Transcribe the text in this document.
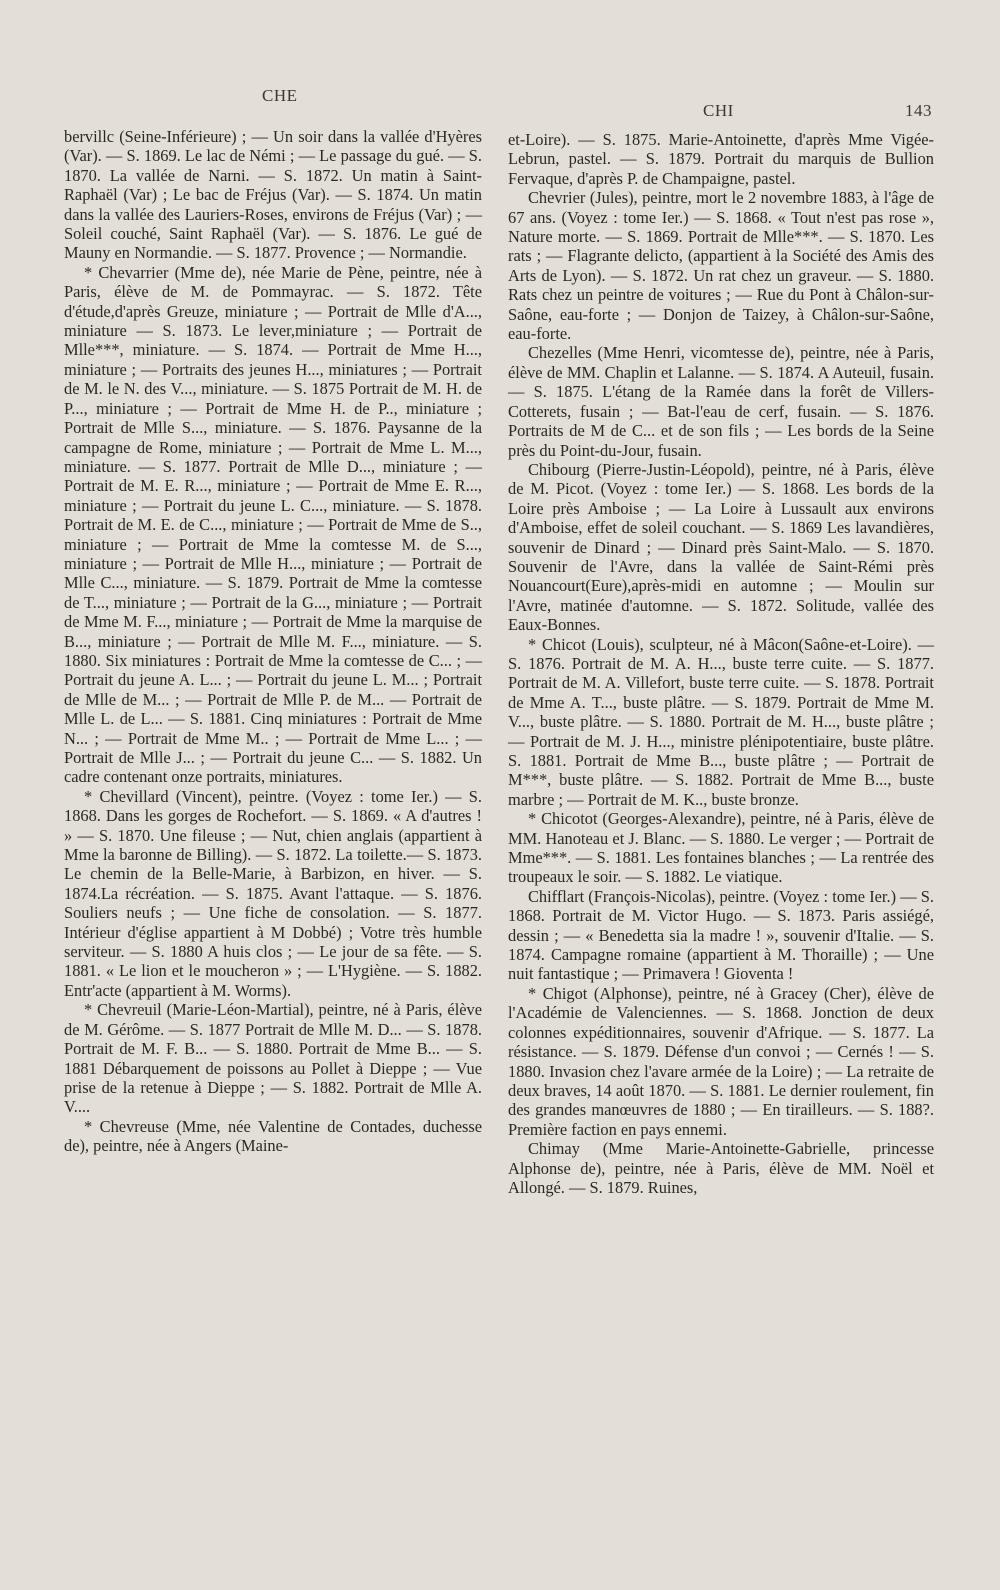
CHE
CHI	143

bervillc (Seine-Inférieure) ; — Un soir dans la vallée d'Hyères (Var). — S. 1869. Le lac de Némi ; — Le passage du gué. — S. 1870. La vallée de Narni. — S. 1872. Un matin à Saint-Raphaël (Var) ; Le bac de Fréjus (Var). — S. 1874. Un matin dans la vallée des Lauriers-Roses, environs de Fréjus (Var) ; — Soleil couché, Saint Raphaël (Var). — S. 1876. Le gué de Mauny en Normandie. — S. 1877. Provence ; — Normandie.

* Chevarrier (Mme de), née Marie de Pène, peintre, née à Paris, élève de M. de Pommayrac. — S. 1872. Tête d'étude,d'après Greuze, miniature ; — Portrait de Mlle d'A..., miniature — S. 1873. Le lever,miniature ; — Portrait de Mlle***, miniature. — S. 1874. — Portrait de Mme H..., miniature ; — Portraits des jeunes H..., miniatures ; — Portrait de M. le N. des V..., miniature. — S. 1875 Portrait de M. H. de P..., miniature ; — Portrait de Mme H. de P.., miniature ; Portrait de Mlle S..., miniature. — S. 1876. Paysanne de la campagne de Rome, miniature ; — Portrait de Mme L. M..., miniature. — S. 1877. Portrait de Mlle D..., miniature ; — Portrait de M. E. R..., miniature ; — Portrait de Mme E. R..., miniature ; — Portrait du jeune L. C..., miniature. — S. 1878. Portrait de M. E. de C..., miniature ; — Portrait de Mme de S.., miniature ; — Portrait de Mme la comtesse M. de S..., miniature ; — Portrait de Mlle H..., miniature ; — Portrait de Mlle C..., miniature. — S. 1879. Portrait de Mme la comtesse de T..., miniature ; — Portrait de la G..., miniature ; — Portrait de Mme M. F..., miniature ; — Portrait de Mme la marquise de B..., miniature ; — Portrait de Mlle M. F..., miniature. — S. 1880. Six miniatures : Portrait de Mme la comtesse de C... ; — Portrait du jeune A. L... ; — Portrait du jeune L. M... ; Portrait de Mlle de M... ; — Portrait de Mlle P. de M... — Portrait de Mlle L. de L... — S. 1881. Cinq miniatures : Portrait de Mme N... ; — Portrait de Mme M.. ; — Portrait de Mme L... ; — Portrait de Mlle J... ; — Portrait du jeune C... — S. 1882. Un cadre contenant onze portraits, miniatures.

* Chevillard (Vincent), peintre. (Voyez : tome Ier.) — S. 1868. Dans les gorges de Rochefort. — S. 1869. « A d'autres ! » — S. 1870. Une fileuse ; — Nut, chien anglais (appartient à Mme la baronne de Billing). — S. 1872. La toilette.— S. 1873. Le chemin de la Belle-Marie, à Barbizon, en hiver. — S. 1874.La récréation. — S. 1875. Avant l'attaque. — S. 1876. Souliers neufs ; — Une fiche de consolation. — S. 1877. Intérieur d'église appartient à M Dobbé) ; Votre très humble serviteur. — S. 1880 A huis clos ; — Le jour de sa fête. — S. 1881. « Le lion et le moucheron » ; — L'Hygiène. — S. 1882. Entr'acte (appartient à M. Worms).

* Chevreuil (Marie-Léon-Martial), peintre, né à Paris, élève de M. Gérôme. — S. 1877 Portrait de Mlle M. D... — S. 1878. Portrait de M. F. B... — S. 1880. Portrait de Mme B... — S. 1881 Débarquement de poissons au Pollet à Dieppe ; — Vue prise de la retenue à Dieppe ; — S. 1882. Portrait de Mlle A. V....

* Chevreuse (Mme, née Valentine de Contades, duchesse de), peintre, née à Angers (Maine-

et-Loire). — S. 1875. Marie-Antoinette, d'après Mme Vigée-Lebrun, pastel. — S. 1879. Portrait du marquis de Bullion Fervaque, d'après P. de Champaigne, pastel.

Chevrier (Jules), peintre, mort le 2 novembre 1883, à l'âge de 67 ans. (Voyez : tome Ier.) — S. 1868. « Tout n'est pas rose », Nature morte. — S. 1869. Portrait de Mlle***. — S. 1870. Les rats ; — Flagrante delicto, (appartient à la Société des Amis des Arts de Lyon). — S. 1872. Un rat chez un graveur. — S. 1880. Rats chez un peintre de voitures ; — Rue du Pont à Châlon-sur-Saône, eau-forte ; — Donjon de Taizey, à Châlon-sur-Saône, eau-forte.

Chezelles (Mme Henri, vicomtesse de), peintre, née à Paris, élève de MM. Chaplin et Lalanne. — S. 1874. A Auteuil, fusain. — S. 1875. L'étang de la Ramée dans la forêt de Villers-Cotterets, fusain ; — Bat-l'eau de cerf, fusain. — S. 1876. Portraits de M de C... et de son fils ; — Les bords de la Seine près du Point-du-Jour, fusain.

Chibourg (Pierre-Justin-Léopold), peintre, né à Paris, élève de M. Picot. (Voyez : tome Ier.) — S. 1868. Les bords de la Loire près Amboise ; — La Loire à Lussault aux environs d'Amboise, effet de soleil couchant. — S. 1869 Les lavandières, souvenir de Dinard ; — Dinard près Saint-Malo. — S. 1870. Souvenir de l'Avre, dans la vallée de Saint-Rémi près Nouancourt(Eure),après-midi en automne ; — Moulin sur l'Avre, matinée d'automne. — S. 1872. Solitude, vallée des Eaux-Bonnes.

* Chicot (Louis), sculpteur, né à Mâcon(Saône-et-Loire). — S. 1876. Portrait de M. A. H..., buste terre cuite. — S. 1877. Portrait de M. A. Villefort, buste terre cuite. — S. 1878. Portrait de Mme A. T..., buste plâtre. — S. 1879. Portrait de Mme M. V..., buste plâtre. — S. 1880. Portrait de M. H..., buste plâtre ; — Portrait de M. J. H..., ministre plénipotentiaire, buste plâtre. S. 1881. Portrait de Mme B..., buste plâtre ; — Portrait de M***, buste plâtre. — S. 1882. Portrait de Mme B..., buste marbre ; — Portrait de M. K.., buste bronze.

* Chicotot (Georges-Alexandre), peintre, né à Paris, élève de MM. Hanoteau et J. Blanc. — S. 1880. Le verger ; — Portrait de Mme***. — S. 1881. Les fontaines blanches ; — La rentrée des troupeaux le soir. — S. 1882. Le viatique.

Chifflart (François-Nicolas), peintre. (Voyez : tome Ier.) — S. 1868. Portrait de M. Victor Hugo. — S. 1873. Paris assiégé, dessin ; — « Benedetta sia la madre ! », souvenir d'Italie. — S. 1874. Campagne romaine (appartient à M. Thoraille) ; — Une nuit fantastique ; — Primavera ! Gioventa !

* Chigot (Alphonse), peintre, né à Gracey (Cher), élève de l'Académie de Valenciennes. — S. 1868. Jonction de deux colonnes expéditionnaires, souvenir d'Afrique. — S. 1877. La résistance. — S. 1879. Défense d'un convoi ; — Cernés ! — S. 1880. Invasion chez l'avare armée de la Loire) ; — La retraite de deux braves, 14 août 1870. — S. 1881. Le dernier roulement, fin des grandes manœuvres de 1880 ; — En tirailleurs. — S. 188?. Première faction en pays ennemi.

Chimay (Mme Marie-Antoinette-Gabrielle, princesse Alphonse de), peintre, née à Paris, élève de MM. Noël et Allongé. — S. 1879. Ruines,
